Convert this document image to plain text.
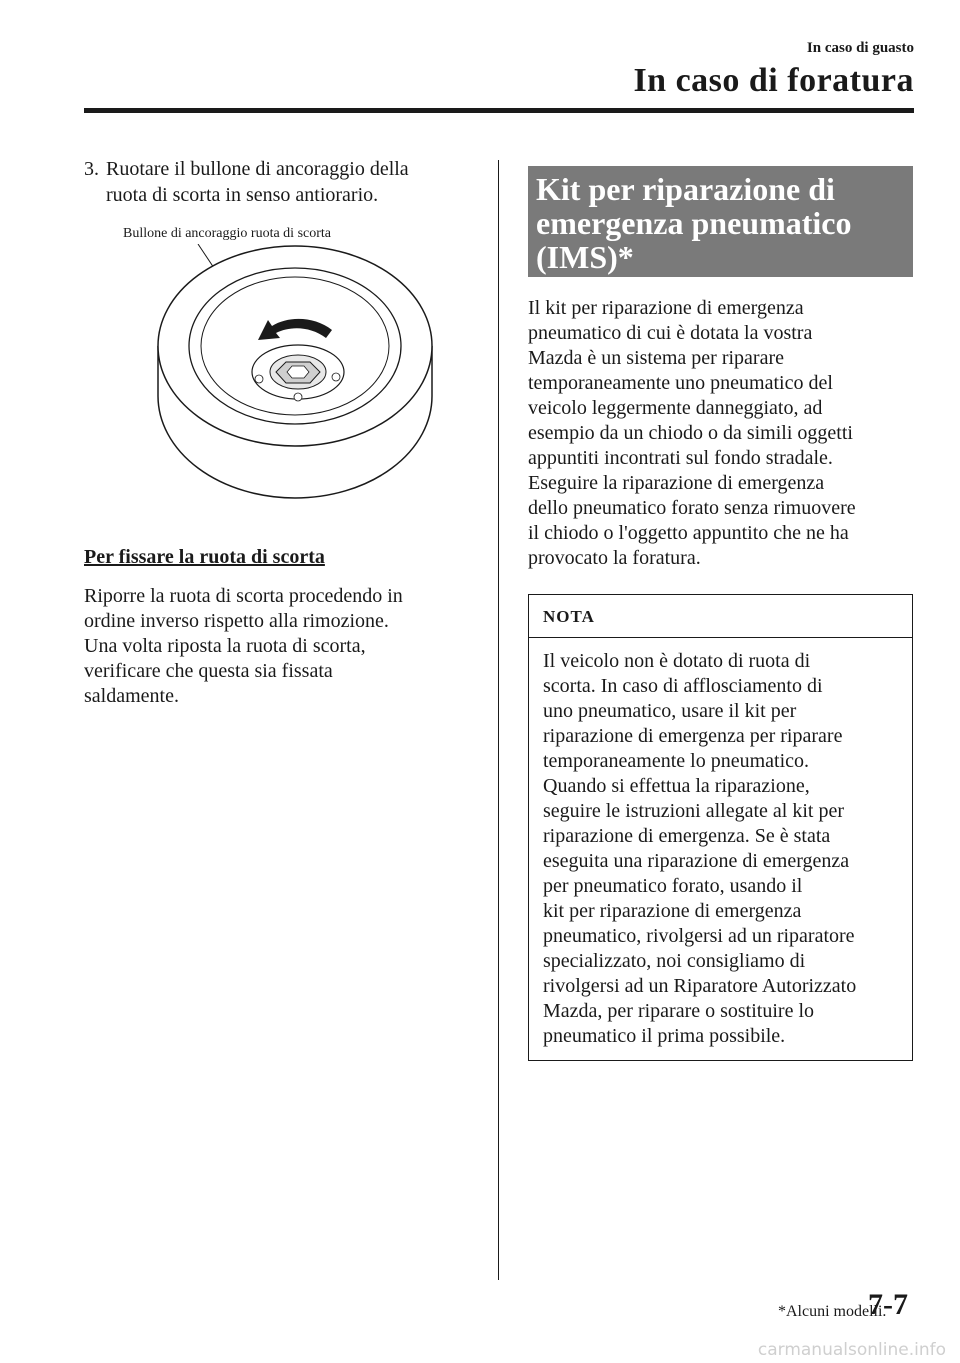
In caso di guasto
In caso di foratura
3. Ruotare il bullone di ancoraggio della
ruota di scorta in senso antiorario.
Bullone di ancoraggio ruota di scorta
Per fissare la ruota di scorta
Riporre la ruota di scorta procedendo in
ordine inverso rispetto alla rimozione.
Una volta riposta la ruota di scorta,
verificare che questa sia fissata
saldamente.
Kit per riparazione di
emergenza pneumatico
(IMS)*
Il kit per riparazione di emergenza
pneumatico di cui è dotata la vostra
Mazda è un sistema per riparare
temporaneamente uno pneumatico del
veicolo leggermente danneggiato, ad
esempio da un chiodo o da simili oggetti
appuntiti incontrati sul fondo stradale.
Eseguire la riparazione di emergenza
dello pneumatico forato senza rimuovere
il chiodo o l'oggetto appuntito che ne ha
provocato la foratura.
NOTA
Il veicolo non è dotato di ruota di
scorta. In caso di afflosciamento di
uno pneumatico, usare il kit per
riparazione di emergenza per riparare
temporaneamente lo pneumatico.
Quando si effettua la riparazione,
seguire le istruzioni allegate al kit per
riparazione di emergenza. Se è stata
eseguita una riparazione di emergenza
per pneumatico forato, usando il
kit per riparazione di emergenza
pneumatico, rivolgersi ad un riparatore
specializzato, noi consigliamo di
rivolgersi ad un Riparatore Autorizzato
Mazda, per riparare o sostituire lo
pneumatico il prima possibile.
*Alcuni modelli.
7-7
carmanualsonline.info
